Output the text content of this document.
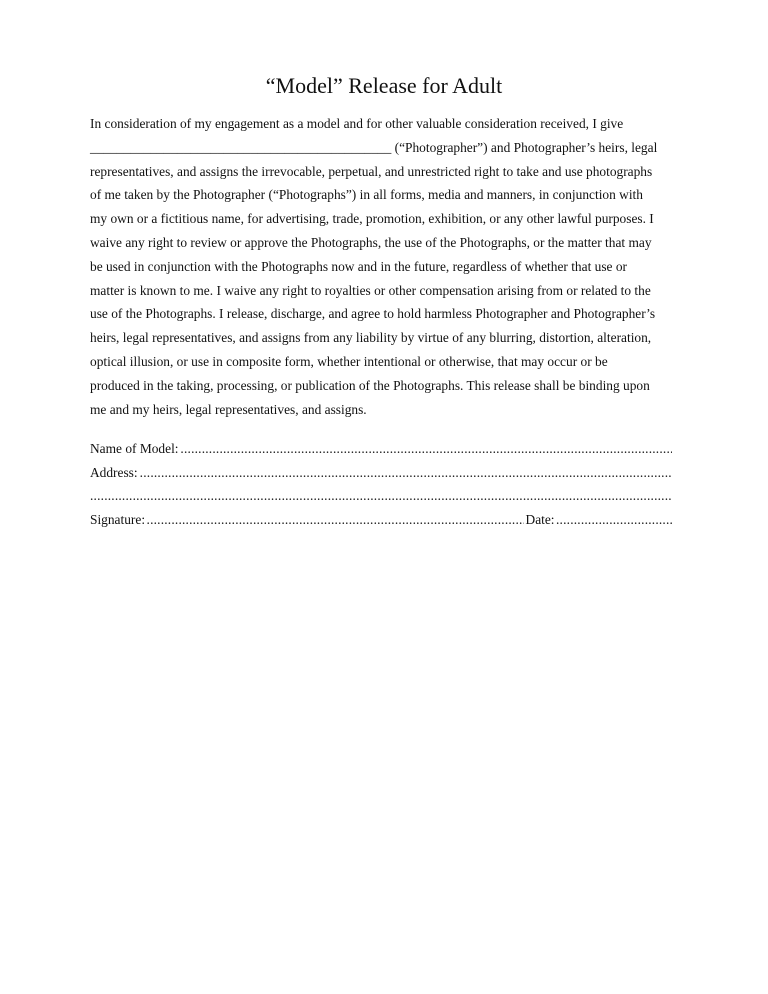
“Model” Release for Adult
In consideration of my engagement as a model and for other valuable consideration received, I give
_____________________________________________ (“Photographer”) and Photographer’s heirs, legal
representatives, and assigns the irrevocable, perpetual, and unrestricted right to take and use photographs
of me taken by the Photographer (“Photographs”) in all forms, media and manners, in conjunction with
my own or a fictitious name, for advertising, trade, promotion, exhibition, or any other lawful purposes. I
waive any right to review or approve the Photographs, the use of the Photographs, or the matter that may
be used in conjunction with the Photographs now and in the future, regardless of whether that use or
matter is known to me. I waive any right to royalties or other compensation arising from or related to the
use of the Photographs. I release, discharge, and agree to hold harmless Photographer and Photographer’s
heirs, legal representatives, and assigns from any liability by virtue of any blurring, distortion, alteration,
optical illusion, or use in composite form, whether intentional or otherwise, that may occur or be
produced in the taking, processing, or publication of the Photographs. This release shall be binding upon
me and my heirs, legal representatives, and assigns.
Name of Model:
.....
Address:
.....
.....
Signature:
.....	Date:
.....
